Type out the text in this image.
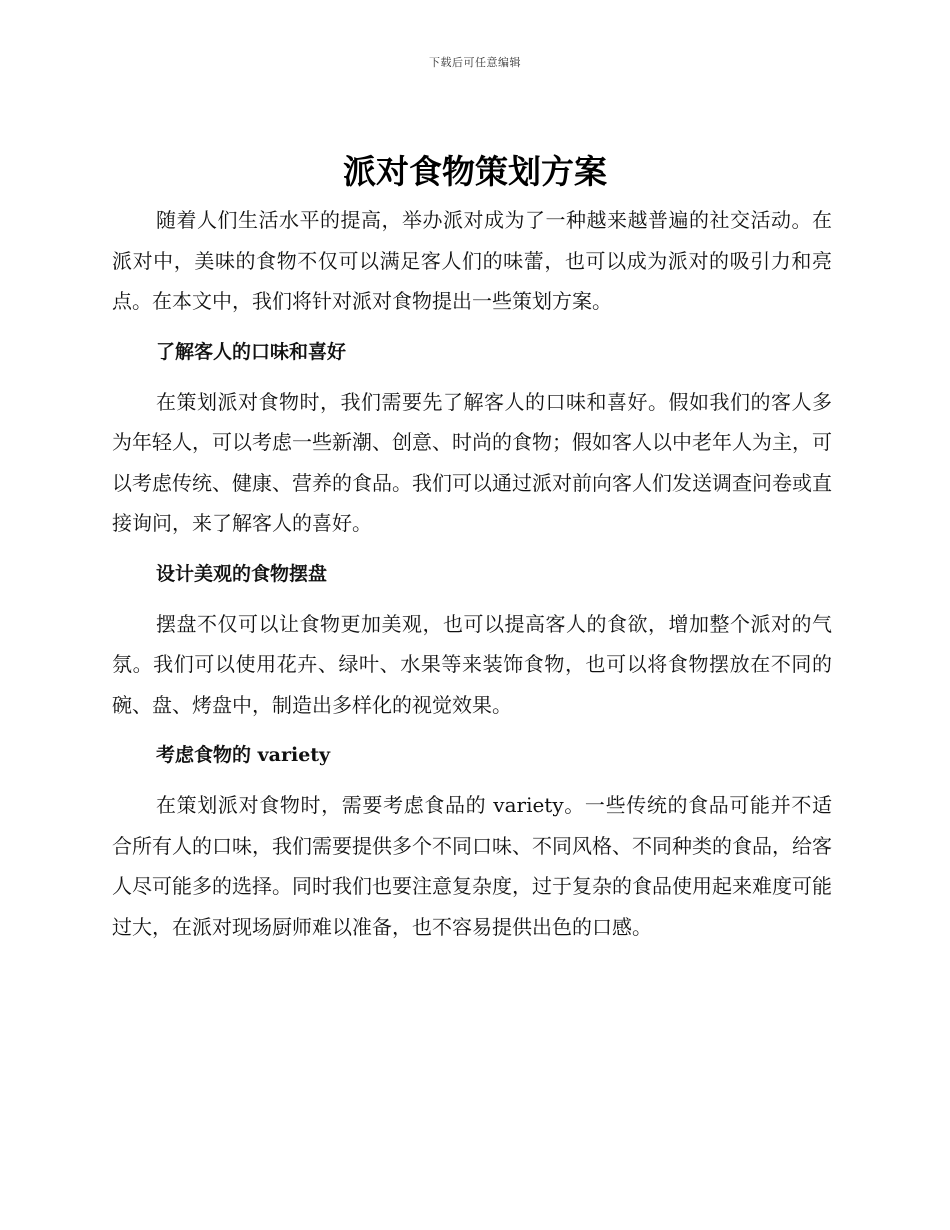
下载后可任意编辑
派对食物策划方案

随着人们生活水平的提高，举办派对成为了一种越来越普遍的社交活动。在派对中，美味的食物不仅可以满足客人们的味蕾，也可以成为派对的吸引力和亮点。在本文中，我们将针对派对食物提出一些策划方案。

了解客人的口味和喜好

在策划派对食物时，我们需要先了解客人的口味和喜好。假如我们的客人多为年轻人，可以考虑一些新潮、创意、时尚的食物；假如客人以中老年人为主，可以考虑传统、健康、营养的食品。我们可以通过派对前向客人们发送调查问卷或直接询问，来了解客人的喜好。

设计美观的食物摆盘

摆盘不仅可以让食物更加美观，也可以提高客人的食欲，增加整个派对的气氛。我们可以使用花卉、绿叶、水果等来装饰食物，也可以将食物摆放在不同的碗、盘、烤盘中，制造出多样化的视觉效果。

考虑食物的 variety

在策划派对食物时，需要考虑食品的 variety。一些传统的食品可能并不适合所有人的口味，我们需要提供多个不同口味、不同风格、不同种类的食品，给客人尽可能多的选择。同时我们也要注意复杂度，过于复杂的食品使用起来难度可能过大，在派对现场厨师难以准备，也不容易提供出色的口感。
